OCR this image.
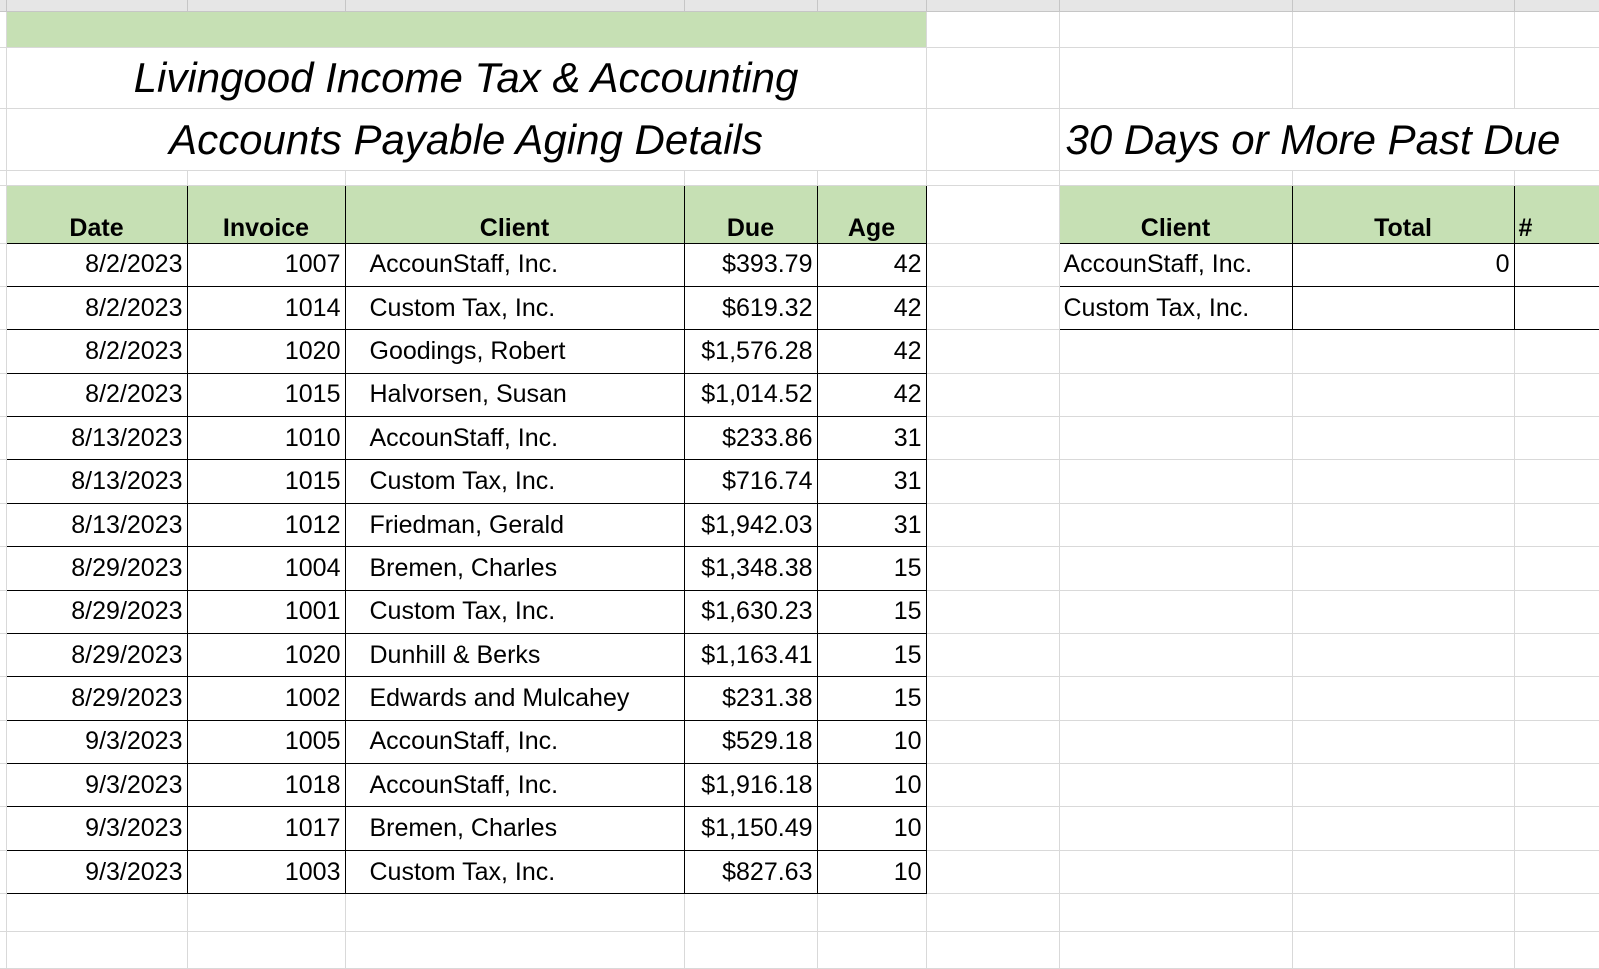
	Livingood Income Tax & Accounting								
	Accounts Payable Aging Details						30 Days or More Past Due		

	Date	Invoice	Client	Due	Age		Client	Total	#
	8/2/2023	1007	AccounStaff, Inc.	$393.79	42		AccounStaff, Inc.	0	
	8/2/2023	1014	Custom Tax, Inc.	$619.32	42		Custom Tax, Inc.		
	8/2/2023	1020	Goodings, Robert	$1,576.28	42				
	8/2/2023	1015	Halvorsen, Susan	$1,014.52	42				
	8/13/2023	1010	AccounStaff, Inc.	$233.86	31				
	8/13/2023	1015	Custom Tax, Inc.	$716.74	31				
	8/13/2023	1012	Friedman, Gerald	$1,942.03	31				
	8/29/2023	1004	Bremen, Charles	$1,348.38	15				
	8/29/2023	1001	Custom Tax, Inc.	$1,630.23	15				
	8/29/2023	1020	Dunhill & Berks	$1,163.41	15				
	8/29/2023	1002	Edwards and Mulcahey	$231.38	15				
	9/3/2023	1005	AccounStaff, Inc.	$529.18	10				
	9/3/2023	1018	AccounStaff, Inc.	$1,916.18	10				
	9/3/2023	1017	Bremen, Charles	$1,150.49	10				
	9/3/2023	1003	Custom Tax, Inc.	$827.63	10				
